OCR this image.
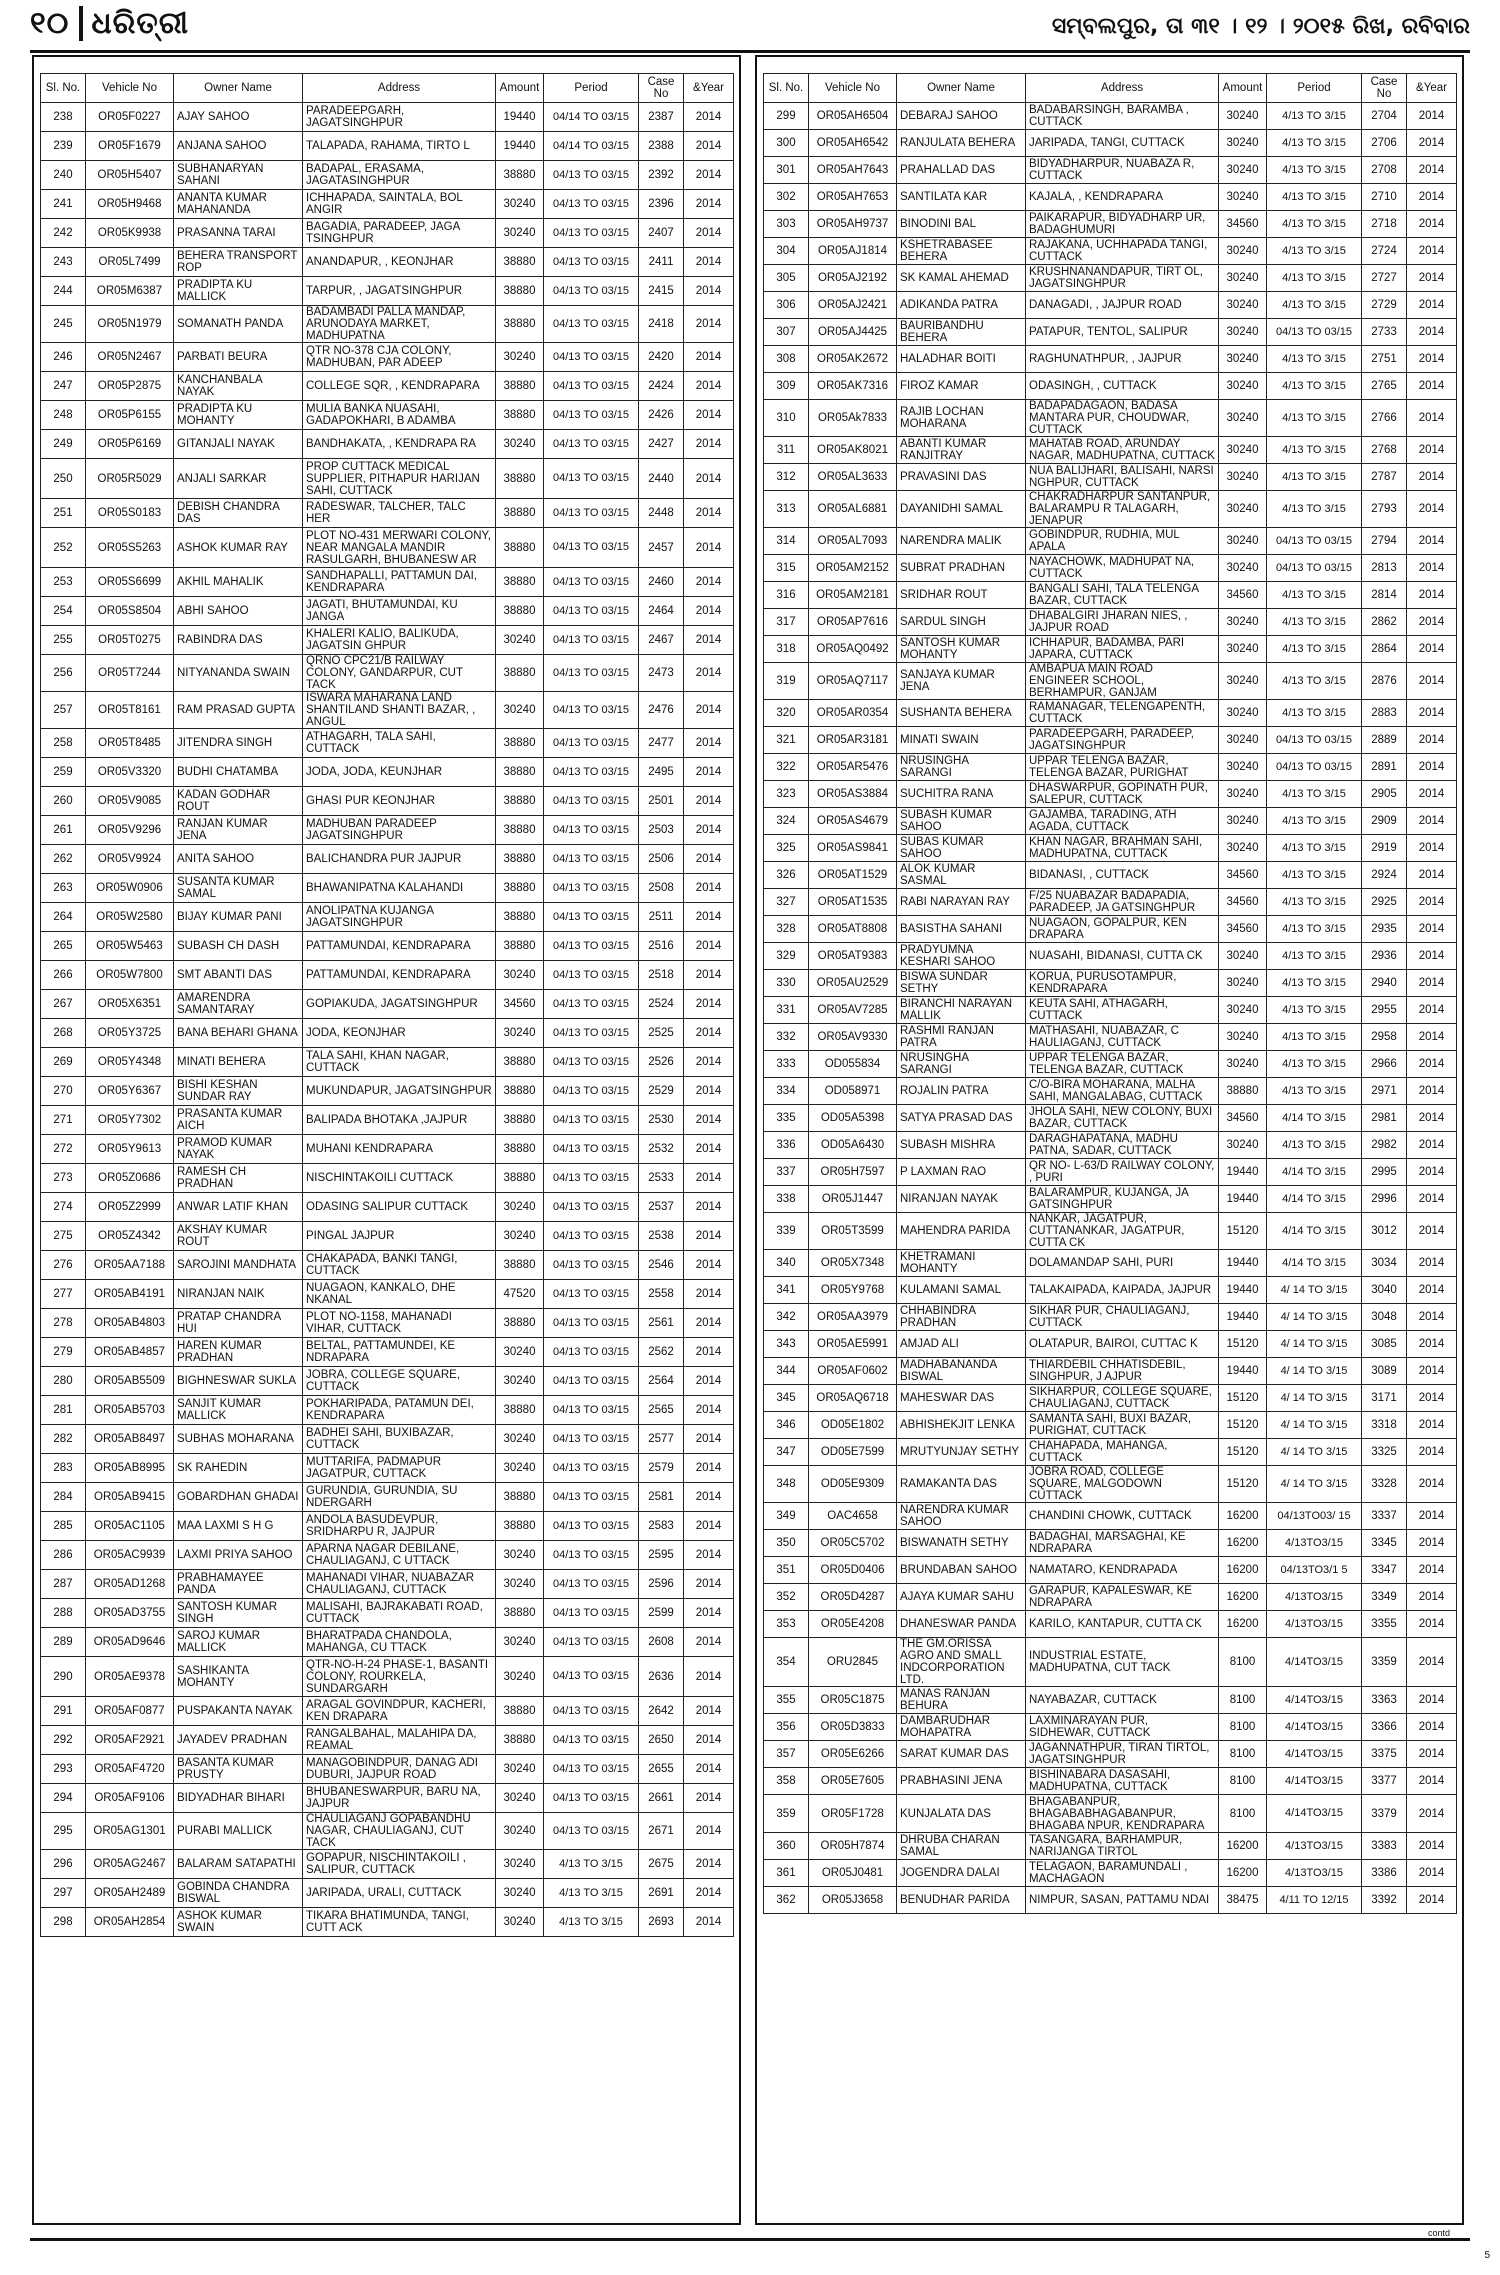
୧୦ ଧରିତ୍ରୀ	ସମ୍ବଲପୁର, ତା ୩୧ । ୧୨ । ୨୦୧୫ ରିଖ, ରବିବାର
Sl. No.	Vehicle No	Owner Name	Address	Amount	Period	Case No	&Year
238	OR05F0227	AJAY SAHOO	PARADEEPGARH, JAGATSINGHPUR	19440	04/14 TO 03/15	2387	2014
239	OR05F1679	ANJANA SAHOO	TALAPADA, RAHAMA, TIRTO L	19440	04/14 TO 03/15	2388	2014
240	OR05H5407	SUBHANARYAN SAHANI	BADAPAL, ERASAMA, JAGATASINGHPUR	38880	04/13 TO 03/15	2392	2014
241	OR05H9468	ANANTA KUMAR MAHANANDA	ICHHAPADA, SAINTALA, BOL ANGIR	30240	04/13 TO 03/15	2396	2014
242	OR05K9938	PRASANNA TARAI	BAGADIA, PARADEEP, JAGA TSINGHPUR	30240	04/13 TO 03/15	2407	2014
243	OR05L7499	BEHERA TRANSPORT ROP	ANANDAPUR, , KEONJHAR	38880	04/13 TO 03/15	2411	2014
244	OR05M6387	PRADIPTA KU MALLICK	TARPUR, , JAGATSINGHPUR	38880	04/13 TO 03/15	2415	2014
245	OR05N1979	SOMANATH PANDA	BADAMBADI PALLA MANDAP, ARUNODAYA MARKET, MADHUPATNA	38880	04/13 TO 03/15	2418	2014
246	OR05N2467	PARBATI BEURA	QTR NO-378 CJA COLONY, MADHUBAN, PAR ADEEP	30240	04/13 TO 03/15	2420	2014
247	OR05P2875	KANCHANBALA NAYAK	COLLEGE SQR, , KENDRAPARA	38880	04/13 TO 03/15	2424	2014
248	OR05P6155	PRADIPTA KU MOHANTY	MULIA BANKA NUASAHI, GADAPOKHARI, B ADAMBA	38880	04/13 TO 03/15	2426	2014
249	OR05P6169	GITANJALI NAYAK	BANDHAKATA, , KENDRAPA RA	30240	04/13 TO 03/15	2427	2014
250	OR05R5029	ANJALI SARKAR	PROP CUTTACK MEDICAL SUPPLIER, PITHAPUR HARIJAN SAHI, CUTTACK	38880	04/13 TO 03/15	2440	2014
251	OR05S0183	DEBISH CHANDRA DAS	RADESWAR, TALCHER, TALC HER	38880	04/13 TO 03/15	2448	2014
252	OR05S5263	ASHOK KUMAR RAY	PLOT NO-431 MERWARI COLONY, NEAR MANGALA MANDIR RASULGARH, BHUBANESW AR	38880	04/13 TO 03/15	2457	2014
253	OR05S6699	AKHIL MAHALIK	SANDHAPALLI, PATTAMUN DAI, KENDRAPARA	38880	04/13 TO 03/15	2460	2014
254	OR05S8504	ABHI SAHOO	JAGATI, BHUTAMUNDAI, KU JANGA	38880	04/13 TO 03/15	2464	2014
255	OR05T0275	RABINDRA DAS	KHALERI KALIO, BALIKUDA, JAGATSIN GHPUR	30240	04/13 TO 03/15	2467	2014
256	OR05T7244	NITYANANDA SWAIN	QRNO CPC21/B RAILWAY COLONY, GANDARPUR, CUT TACK	38880	04/13 TO 03/15	2473	2014
257	OR05T8161	RAM PRASAD GUPTA	ISWARA MAHARANA LAND SHANTILAND SHANTI BAZAR, , ANGUL	30240	04/13 TO 03/15	2476	2014
258	OR05T8485	JITENDRA SINGH	ATHAGARH, TALA SAHI, CUTTACK	38880	04/13 TO 03/15	2477	2014
259	OR05V3320	BUDHI CHATAMBA	JODA, JODA, KEUNJHAR	38880	04/13 TO 03/15	2495	2014
260	OR05V9085	KADAN GODHAR ROUT	GHASI PUR KEONJHAR	38880	04/13 TO 03/15	2501	2014
261	OR05V9296	RANJAN KUMAR JENA	MADHUBAN PARADEEP JAGATSINGHPUR	38880	04/13 TO 03/15	2503	2014
262	OR05V9924	ANITA SAHOO	BALICHANDRA PUR JAJPUR	38880	04/13 TO 03/15	2506	2014
263	OR05W0906	SUSANTA KUMAR SAMAL	BHAWANIPATNA KALAHANDI	38880	04/13 TO 03/15	2508	2014
264	OR05W2580	BIJAY KUMAR PANI	ANOLIPATNA KUJANGA JAGATSINGHPUR	38880	04/13 TO 03/15	2511	2014
265	OR05W5463	SUBASH CH DASH	PATTAMUNDAI, KENDRAPARA	38880	04/13 TO 03/15	2516	2014
266	OR05W7800	SMT ABANTI DAS	PATTAMUNDAI, KENDRAPARA	30240	04/13 TO 03/15	2518	2014
267	OR05X6351	AMARENDRA SAMANTARAY	GOPIAKUDA, JAGATSINGHPUR	34560	04/13 TO 03/15	2524	2014
268	OR05Y3725	BANA BEHARI GHANA	JODA, KEONJHAR	30240	04/13 TO 03/15	2525	2014
269	OR05Y4348	MINATI BEHERA	TALA SAHI, KHAN NAGAR, CUTTACK	38880	04/13 TO 03/15	2526	2014
270	OR05Y6367	BISHI KESHAN SUNDAR RAY	MUKUNDAPUR, JAGATSINGHPUR	38880	04/13 TO 03/15	2529	2014
271	OR05Y7302	PRASANTA KUMAR AICH	BALIPADA BHOTAKA ,JAJPUR	38880	04/13 TO 03/15	2530	2014
272	OR05Y9613	PRAMOD KUMAR NAYAK	MUHANI KENDRAPARA	38880	04/13 TO 03/15	2532	2014
273	OR05Z0686	RAMESH CH PRADHAN	NISCHINTAKOILI CUTTACK	38880	04/13 TO 03/15	2533	2014
274	OR05Z2999	ANWAR LATIF KHAN	ODASING SALIPUR CUTTACK	30240	04/13 TO 03/15	2537	2014
275	OR05Z4342	AKSHAY KUMAR ROUT	PINGAL JAJPUR	30240	04/13 TO 03/15	2538	2014
276	OR05AA7188	SAROJINI MANDHATA	CHAKAPADA, BANKI TANGI, CUTTACK	38880	04/13 TO 03/15	2546	2014
277	OR05AB4191	NIRANJAN NAIK	NUAGAON, KANKALO, DHE NKANAL	47520	04/13 TO 03/15	2558	2014
278	OR05AB4803	PRATAP CHANDRA HUI	PLOT NO-1158, MAHANADI VIHAR, CUTTACK	38880	04/13 TO 03/15	2561	2014
279	OR05AB4857	HAREN KUMAR PRADHAN	BELTAL, PATTAMUNDEI, KE NDRAPARA	30240	04/13 TO 03/15	2562	2014
280	OR05AB5509	BIGHNESWAR SUKLA	JOBRA, COLLEGE SQUARE, CUTTACK	30240	04/13 TO 03/15	2564	2014
281	OR05AB5703	SANJIT KUMAR MALLICK	POKHARIPADA, PATAMUN DEI, KENDRAPARA	38880	04/13 TO 03/15	2565	2014
282	OR05AB8497	SUBHAS MOHARANA	BADHEI SAHI, BUXIBAZAR, CUTTACK	30240	04/13 TO 03/15	2577	2014
283	OR05AB8995	SK RAHEDIN	MUTTARIFA, PADMAPUR JAGATPUR, CUTTACK	30240	04/13 TO 03/15	2579	2014
284	OR05AB9415	GOBARDHAN GHADAI	GURUNDIA, GURUNDIA, SU NDERGARH	38880	04/13 TO 03/15	2581	2014
285	OR05AC1105	MAA LAXMI S H G	ANDOLA BASUDEVPUR, SRIDHARPU R, JAJPUR	38880	04/13 TO 03/15	2583	2014
286	OR05AC9939	LAXMI PRIYA SAHOO	APARNA NAGAR DEBILANE, CHAULIAGANJ, C UTTACK	30240	04/13 TO 03/15	2595	2014
287	OR05AD1268	PRABHAMAYEE PANDA	MAHANADI VIHAR, NUABAZAR CHAULIAGANJ, CUTTACK	30240	04/13 TO 03/15	2596	2014
288	OR05AD3755	SANTOSH KUMAR SINGH	MALISAHI, BAJRAKABATI ROAD, CUTTACK	38880	04/13 TO 03/15	2599	2014
289	OR05AD9646	SAROJ KUMAR MALLICK	BHARATPADA CHANDOLA, MAHANGA, CU TTACK	30240	04/13 TO 03/15	2608	2014
290	OR05AE9378	SASHIKANTA MOHANTY	QTR-NO-H-24 PHASE-1, BASANTI COLONY, ROURKELA, SUNDARGARH	30240	04/13 TO 03/15	2636	2014
291	OR05AF0877	PUSPAKANTA NAYAK	ARAGAL GOVINDPUR, KACHERI, KEN DRAPARA	38880	04/13 TO 03/15	2642	2014
292	OR05AF2921	JAYADEV PRADHAN	RANGALBAHAL, MALAHIPA DA, REAMAL	38880	04/13 TO 03/15	2650	2014
293	OR05AF4720	BASANTA KUMAR PRUSTY	MANAGOBINDPUR, DANAG ADI DUBURI, JAJPUR ROAD	30240	04/13 TO 03/15	2655	2014
294	OR05AF9106	BIDYADHAR BIHARI	BHUBANESWARPUR, BARU NA, JAJPUR	30240	04/13 TO 03/15	2661	2014
295	OR05AG1301	PURABI MALLICK	CHAULIAGANJ GOPABANDHU NAGAR, CHAULIAGANJ, CUT TACK	30240	04/13 TO 03/15	2671	2014
296	OR05AG2467	BALARAM SATAPATHI	GOPAPUR, NISCHINTAKOILI , SALIPUR, CUTTACK	30240	4/13 TO 3/15	2675	2014
297	OR05AH2489	GOBINDA CHANDRA BISWAL	JARIPADA, URALI, CUTTACK	30240	4/13 TO 3/15	2691	2014
298	OR05AH2854	ASHOK KUMAR SWAIN	TIKARA BHATIMUNDA, TANGI, CUTT ACK	30240	4/13 TO 3/15	2693	2014
Sl. No.	Vehicle No	Owner Name	Address	Amount	Period	Case No	&Year
299	OR05AH6504	DEBARAJ SAHOO	BADABARSINGH, BARAMBA , CUTTACK	30240	4/13 TO 3/15	2704	2014
300	OR05AH6542	RANJULATA BEHERA	JARIPADA, TANGI, CUTTACK	30240	4/13 TO 3/15	2706	2014
301	OR05AH7643	PRAHALLAD DAS	BIDYADHARPUR, NUABAZA R, CUTTACK	30240	4/13 TO 3/15	2708	2014
302	OR05AH7653	SANTILATA KAR	KAJALA, , KENDRAPARA	30240	4/13 TO 3/15	2710	2014
303	OR05AH9737	BINODINI BAL	PAIKARAPUR, BIDYADHARP UR, BADAGHUMURI	34560	4/13 TO 3/15	2718	2014
304	OR05AJ1814	KSHETRABASEE BEHERA	RAJAKANA, UCHHAPADA TANGI, CUTTACK	30240	4/13 TO 3/15	2724	2014
305	OR05AJ2192	SK KAMAL AHEMAD	KRUSHNANANDAPUR, TIRT OL, JAGATSINGHPUR	30240	4/13 TO 3/15	2727	2014
306	OR05AJ2421	ADIKANDA PATRA	DANAGADI, , JAJPUR ROAD	30240	4/13 TO 3/15	2729	2014
307	OR05AJ4425	BAURIBANDHU BEHERA	PATAPUR, TENTOL, SALIPUR	30240	04/13 TO 03/15	2733	2014
308	OR05AK2672	HALADHAR BOITI	RAGHUNATHPUR, , JAJPUR	30240	4/13 TO 3/15	2751	2014
309	OR05AK7316	FIROZ KAMAR	ODASINGH, , CUTTACK	30240	4/13 TO 3/15	2765	2014
310	OR05Ak7833	RAJIB LOCHAN MOHARANA	BADAPADAGAON, BADASA MANTARA PUR, CHOUDWAR, CUTTACK	30240	4/13 TO 3/15	2766	2014
311	OR05AK8021	ABANTI KUMAR RANJITRAY	MAHATAB ROAD, ARUNDAY NAGAR, MADHUPATNA, CUTTACK	30240	4/13 TO 3/15	2768	2014
312	OR05AL3633	PRAVASINI DAS	NUA BALIJHARI, BALISAHI, NARSI NGHPUR, CUTTACK	30240	4/13 TO 3/15	2787	2014
313	OR05AL6881	DAYANIDHI SAMAL	CHAKRADHARPUR SANTANPUR, BALARAMPU R TALAGARH, JENAPUR	30240	4/13 TO 3/15	2793	2014
314	OR05AL7093	NARENDRA MALIK	GOBINDPUR, RUDHIA, MUL APALA	30240	04/13 TO 03/15	2794	2014
315	OR05AM2152	SUBRAT PRADHAN	NAYACHOWK, MADHUPAT NA, CUTTACK	30240	04/13 TO 03/15	2813	2014
316	OR05AM2181	SRIDHAR ROUT	BANGALI SAHI, TALA TELENGA BAZAR, CUTTACK	34560	4/13 TO 3/15	2814	2014
317	OR05AP7616	SARDUL SINGH	DHABALGIRI JHARAN NIES, , JAJPUR ROAD	30240	4/13 TO 3/15	2862	2014
318	OR05AQ0492	SANTOSH KUMAR MOHANTY	ICHHAPUR, BADAMBA, PARI JAPARA, CUTTACK	30240	4/13 TO 3/15	2864	2014
319	OR05AQ7117	SANJAYA KUMAR JENA	AMBAPUA MAIN ROAD ENGINEER SCHOOL, BERHAMPUR, GANJAM	30240	4/13 TO 3/15	2876	2014
320	OR05AR0354	SUSHANTA BEHERA	RAMANAGAR, TELENGAPENTH, CUTTACK	30240	4/13 TO 3/15	2883	2014
321	OR05AR3181	MINATI SWAIN	PARADEEPGARH, PARADEEP, JAGATSINGHPUR	30240	04/13 TO 03/15	2889	2014
322	OR05AR5476	NRUSINGHA SARANGI	UPPAR TELENGA BAZAR, TELENGA BAZAR, PURIGHAT	30240	04/13 TO 03/15	2891	2014
323	OR05AS3884	SUCHITRA RANA	DHASWARPUR, GOPINATH PUR, SALEPUR, CUTTACK	30240	4/13 TO 3/15	2905	2014
324	OR05AS4679	SUBASH KUMAR SAHOO	GAJAMBA, TARADING, ATH AGADA, CUTTACK	30240	4/13 TO 3/15	2909	2014
325	OR05AS9841	SUBAS KUMAR SAHOO	KHAN NAGAR, BRAHMAN SAHI, MADHUPATNA, CUTTACK	30240	4/13 TO 3/15	2919	2014
326	OR05AT1529	ALOK KUMAR SASMAL	BIDANASI, , CUTTACK	34560	4/13 TO 3/15	2924	2014
327	OR05AT1535	RABI NARAYAN RAY	F/25 NUABAZAR BADAPADIA, PARADEEP, JA GATSINGHPUR	34560	4/13 TO 3/15	2925	2014
328	OR05AT8808	BASISTHA SAHANI	NUAGAON, GOPALPUR, KEN DRAPARA	34560	4/13 TO 3/15	2935	2014
329	OR05AT9383	PRADYUMNA KESHARI SAHOO	NUASAHI, BIDANASI, CUTTA CK	30240	4/13 TO 3/15	2936	2014
330	OR05AU2529	BISWA SUNDAR SETHY	KORUA, PURUSOTAMPUR, KENDRAPARA	30240	4/13 TO 3/15	2940	2014
331	OR05AV7285	BIRANCHI NARAYAN MALLIK	KEUTA SAHI, ATHAGARH, CUTTACK	30240	4/13 TO 3/15	2955	2014
332	OR05AV9330	RASHMI RANJAN PATRA	MATHASAHI, NUABAZAR, C HAULIAGANJ, CUTTACK	30240	4/13 TO 3/15	2958	2014
333	OD055834	NRUSINGHA SARANGI	UPPAR TELENGA BAZAR, TELENGA BAZAR, CUTTACK	30240	4/13 TO 3/15	2966	2014
334	OD058971	ROJALIN PATRA	C/O-BIRA MOHARANA, MALHA SAHI, MANGALABAG, CUTTACK	38880	4/13 TO 3/15	2971	2014
335	OD05A5398	SATYA PRASAD DAS	JHOLA SAHI, NEW COLONY, BUXI BAZAR, CUTTACK	34560	4/14 TO 3/15	2981	2014
336	OD05A6430	SUBASH MISHRA	DARAGHAPATANA, MADHU PATNA, SADAR, CUTTACK	30240	4/13 TO 3/15	2982	2014
337	OR05H7597	P LAXMAN RAO	QR NO- L-63/D RAILWAY COLONY, , PURI	19440	4/14 TO 3/15	2995	2014
338	OR05J1447	NIRANJAN NAYAK	BALARAMPUR, KUJANGA, JA GATSINGHPUR	19440	4/14 TO 3/15	2996	2014
339	OR05T3599	MAHENDRA PARIDA	NANKAR, JAGATPUR, CUTTANANKAR, JAGATPUR, CUTTA CK	15120	4/14 TO 3/15	3012	2014
340	OR05X7348	KHETRAMANI MOHANTY	DOLAMANDAP SAHI, PURI	19440	4/14 TO 3/15	3034	2014
341	OR05Y9768	KULAMANI SAMAL	TALAKAIPADA, KAIPADA, JAJPUR	19440	4/ 14 TO 3/15	3040	2014
342	OR05AA3979	CHHABINDRA PRADHAN	SIKHAR PUR, CHAULIAGANJ, CUTTACK	19440	4/ 14 TO 3/15	3048	2014
343	OR05AE5991	AMJAD ALI	OLATAPUR, BAIROI, CUTTAC K	15120	4/ 14 TO 3/15	3085	2014
344	OR05AF0602	MADHABANANDA BISWAL	THIARDEBIL CHHATISDEBIL, SINGHPUR, J AJPUR	19440	4/ 14 TO 3/15	3089	2014
345	OR05AQ6718	MAHESWAR DAS	SIKHARPUR, COLLEGE SQUARE, CHAULIAGANJ, CUTTACK	15120	4/ 14 TO 3/15	3171	2014
346	OD05E1802	ABHISHEKJIT LENKA	SAMANTA SAHI, BUXI BAZAR, PURIGHAT, CUTTACK	15120	4/ 14 TO 3/15	3318	2014
347	OD05E7599	MRUTYUNJAY SETHY	CHAHAPADA, MAHANGA, CUTTACK	15120	4/ 14 TO 3/15	3325	2014
348	OD05E9309	RAMAKANTA DAS	JOBRA ROAD, COLLEGE SQUARE, MALGODOWN CUTTACK	15120	4/ 14 TO 3/15	3328	2014
349	OAC4658	NARENDRA KUMAR SAHOO	CHANDINI CHOWK, CUTTACK	16200	04/13TO03/ 15	3337	2014
350	OR05C5702	BISWANATH SETHY	BADAGHAI, MARSAGHAI, KE NDRAPARA	16200	4/13TO3/15	3345	2014
351	OR05D0406	BRUNDABAN SAHOO	NAMATARO, KENDRAPADA	16200	04/13TO3/1 5	3347	2014
352	OR05D4287	AJAYA KUMAR SAHU	GARAPUR, KAPALESWAR, KE NDRAPARA	16200	4/13TO3/15	3349	2014
353	OR05E4208	DHANESWAR PANDA	KARILO, KANTAPUR, CUTTA CK	16200	4/13TO3/15	3355	2014
354	ORU2845	THE GM.ORISSA AGRO AND SMALL INDCORPORATION LTD.	INDUSTRIAL ESTATE, MADHUPATNA, CUT TACK	8100	4/14TO3/15	3359	2014
355	OR05C1875	MANAS RANJAN BEHURA	NAYABAZAR, CUTTACK	8100	4/14TO3/15	3363	2014
356	OR05D3833	DAMBARUDHAR MOHAPATRA	LAXMINARAYAN PUR, SIDHEWAR, CUTTACK	8100	4/14TO3/15	3366	2014
357	OR05E6266	SARAT KUMAR DAS	JAGANNATHPUR, TIRAN TIRTOL, JAGATSINGHPUR	8100	4/14TO3/15	3375	2014
358	OR05E7605	PRABHASINI JENA	BISHINABARA DASASAHI, MADHUPATNA, CUTTACK	8100	4/14TO3/15	3377	2014
359	OR05F1728	KUNJALATA DAS	BHAGABANPUR, BHAGABABHAGABANPUR, BHAGABA NPUR, KENDRAPARA	8100	4/14TO3/15	3379	2014
360	OR05H7874	DHRUBA CHARAN SAMAL	TASANGARA, BARHAMPUR, NARIJANGA TIRTOL	16200	4/13TO3/15	3383	2014
361	OR05J0481	JOGENDRA DALAI	TELAGAON, BARAMUNDALI , MACHAGAON	16200	4/13TO3/15	3386	2014
362	OR05J3658	BENUDHAR PARIDA	NIMPUR, SASAN, PATTAMU NDAI	38475	4/11 TO 12/15	3392	2014
contd
5
